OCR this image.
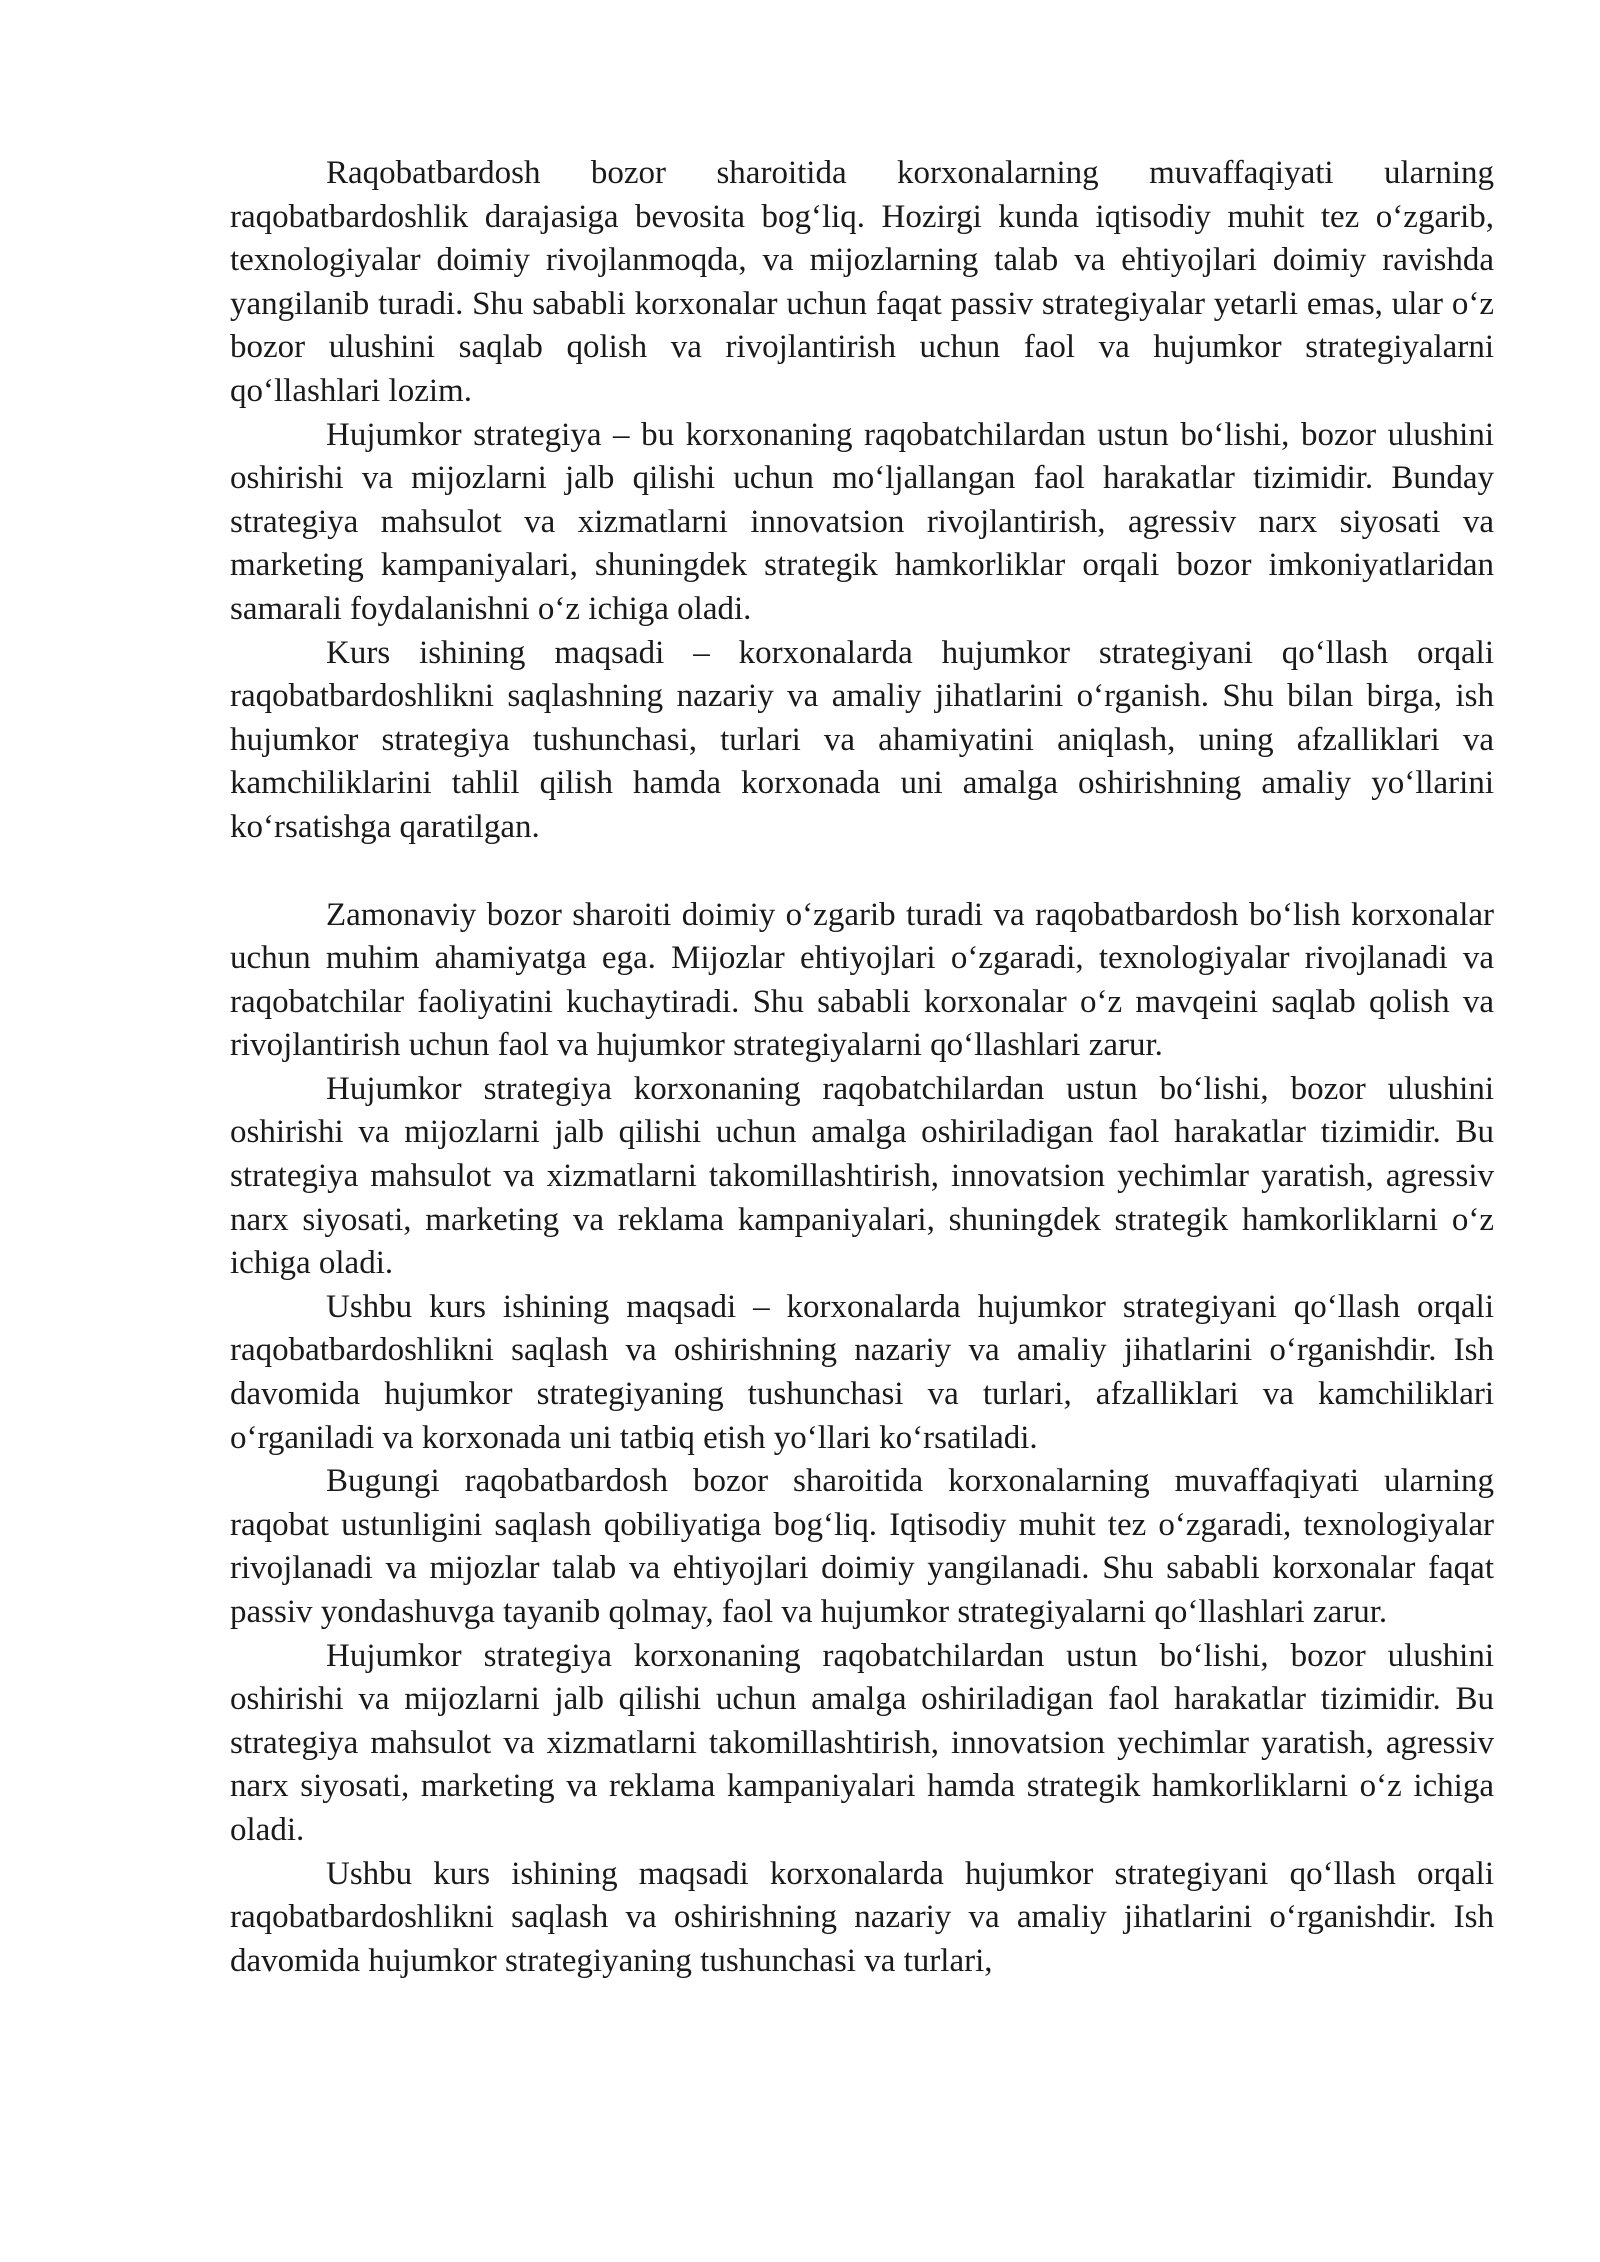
Raqobatbardosh bozor sharoitida korxonalarning muvaffaqiyati ularning raqobatbardoshlik darajasiga bevosita bog‘liq. Hozirgi kunda iqtisodiy muhit tez o‘zgarib, texnologiyalar doimiy rivojlanmoqda, va mijozlarning talab va ehtiyojlari doimiy ravishda yangilanib turadi. Shu sababli korxonalar uchun faqat passiv strategiyalar yetarli emas, ular o‘z bozor ulushini saqlab qolish va rivojlantirish uchun faol va hujumkor strategiyalarni qo‘llashlari lozim.

Hujumkor strategiya – bu korxonaning raqobatchilardan ustun bo‘lishi, bozor ulushini oshirishi va mijozlarni jalb qilishi uchun mo‘ljallangan faol harakatlar tizimidir. Bunday strategiya mahsulot va xizmatlarni innovatsion rivojlantirish, agressiv narx siyosati va marketing kampaniyalari, shuningdek strategik hamkorliklar orqali bozor imkoniyatlaridan samarali foydalanishni o‘z ichiga oladi.

Kurs ishining maqsadi – korxonalarda hujumkor strategiyani qo‘llash orqali raqobatbardoshlikni saqlashning nazariy va amaliy jihatlarini o‘rganish. Shu bilan birga, ish hujumkor strategiya tushunchasi, turlari va ahamiyatini aniqlash, uning afzalliklari va kamchiliklarini tahlil qilish hamda korxonada uni amalga oshirishning amaliy yo‘llarini ko‘rsatishga qaratilgan.

Zamonaviy bozor sharoiti doimiy o‘zgarib turadi va raqobatbardosh bo‘lish korxonalar uchun muhim ahamiyatga ega. Mijozlar ehtiyojlari o‘zgaradi, texnologiyalar rivojlanadi va raqobatchilar faoliyatini kuchaytiradi. Shu sababli korxonalar o‘z mavqeini saqlab qolish va rivojlantirish uchun faol va hujumkor strategiyalarni qo‘llashlari zarur.

Hujumkor strategiya korxonaning raqobatchilardan ustun bo‘lishi, bozor ulushini oshirishi va mijozlarni jalb qilishi uchun amalga oshiriladigan faol harakatlar tizimidir. Bu strategiya mahsulot va xizmatlarni takomillashtirish, innovatsion yechimlar yaratish, agressiv narx siyosati, marketing va reklama kampaniyalari, shuningdek strategik hamkorliklarni o‘z ichiga oladi.

Ushbu kurs ishining maqsadi – korxonalarda hujumkor strategiyani qo‘llash orqali raqobatbardoshlikni saqlash va oshirishning nazariy va amaliy jihatlarini o‘rganishdir. Ish davomida hujumkor strategiyaning tushunchasi va turlari, afzalliklari va kamchiliklari o‘rganiladi va korxonada uni tatbiq etish yo‘llari ko‘rsatiladi.

Bugungi raqobatbardosh bozor sharoitida korxonalarning muvaffaqiyati ularning raqobat ustunligini saqlash qobiliyatiga bog‘liq. Iqtisodiy muhit tez o‘zgaradi, texnologiyalar rivojlanadi va mijozlar talab va ehtiyojlari doimiy yangilanadi. Shu sababli korxonalar faqat passiv yondashuvga tayanib qolmay, faol va hujumkor strategiyalarni qo‘llashlari zarur.

Hujumkor strategiya korxonaning raqobatchilardan ustun bo‘lishi, bozor ulushini oshirishi va mijozlarni jalb qilishi uchun amalga oshiriladigan faol harakatlar tizimidir. Bu strategiya mahsulot va xizmatlarni takomillashtirish, innovatsion yechimlar yaratish, agressiv narx siyosati, marketing va reklama kampaniyalari hamda strategik hamkorliklarni o‘z ichiga oladi.

Ushbu kurs ishining maqsadi korxonalarda hujumkor strategiyani qo‘llash orqali raqobatbardoshlikni saqlash va oshirishning nazariy va amaliy jihatlarini o‘rganishdir. Ish davomida hujumkor strategiyaning tushunchasi va turlari,
